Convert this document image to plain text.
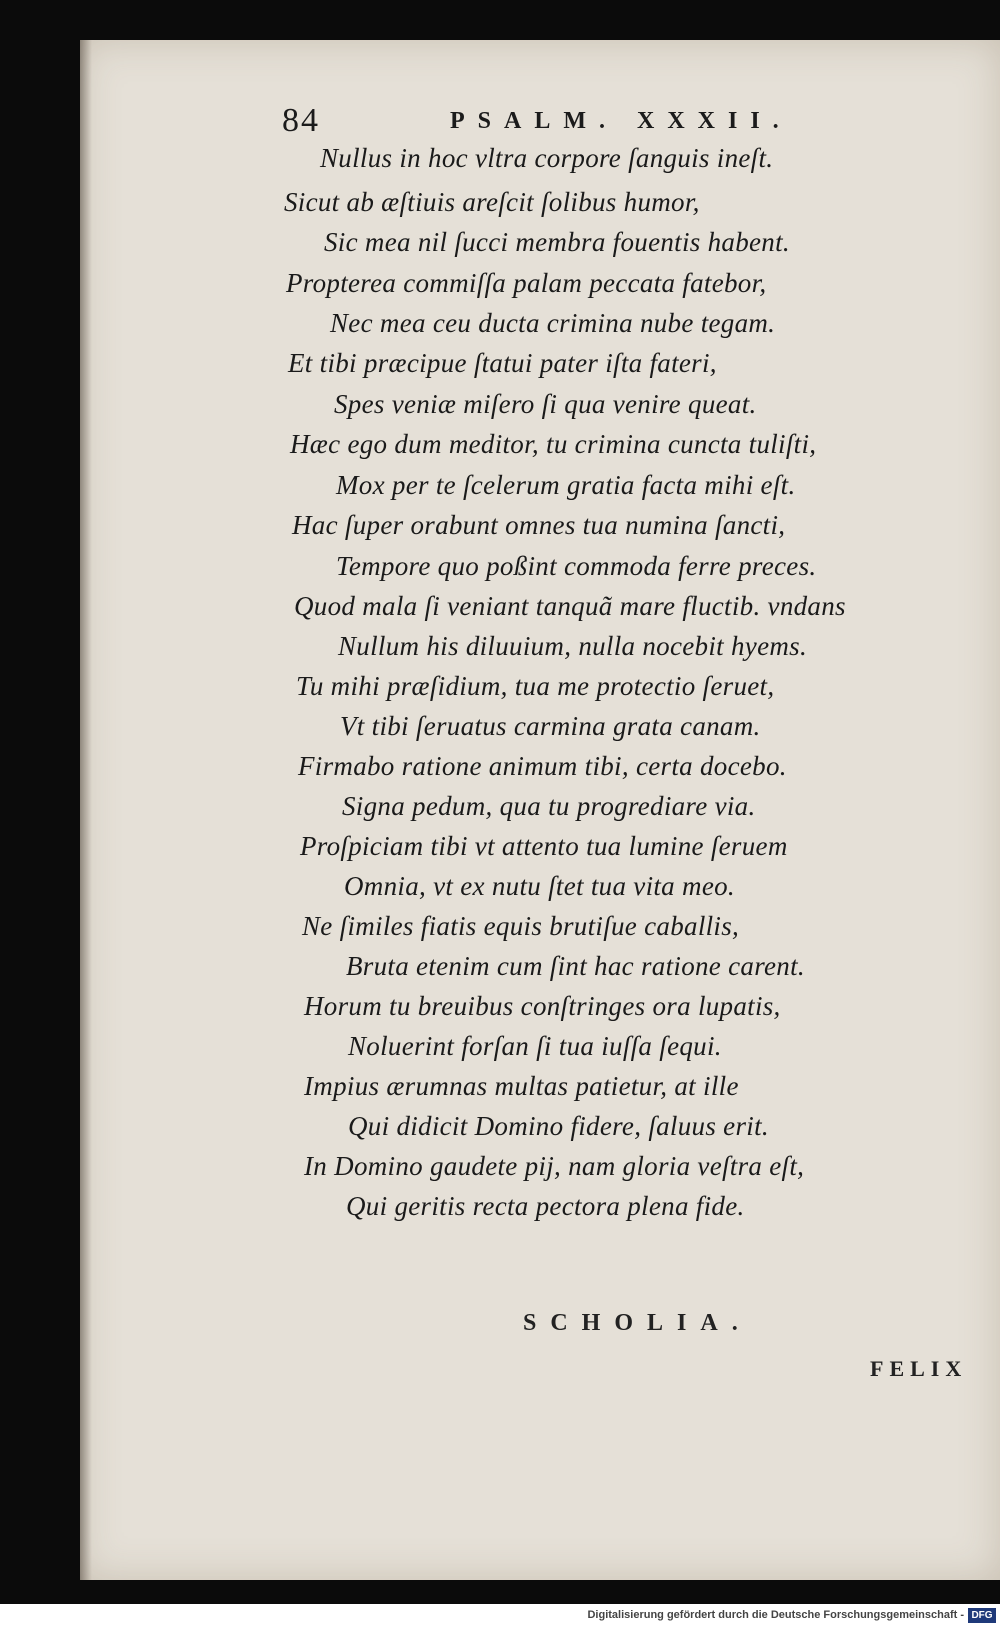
84	PSALM. XXXII.
Nullus in hoc vltra corpore ſanguis ineſt.
Sicut ab æſtiuis areſcit ſolibus humor,
Sic mea nil ſucci membra fouentis habent.
Propterea commiſſa palam peccata fatebor,
Nec mea ceu ducta crimina nube tegam.
Et tibi præcipue ſtatui pater iſta fateri,
Spes veniæ miſero ſi qua venire queat.
Hæc ego dum meditor, tu crimina cuncta tuliſti,
Mox per te ſcelerum gratia facta mihi eſt.
Hac ſuper orabunt omnes tua numina ſancti,
Tempore quo poßint commoda ferre preces.
Quod mala ſi veniant tanquã mare fluctib. vndans
Nullum his diluuium, nulla nocebit hyems.
Tu mihi præſidium, tua me protectio ſeruet,
Vt tibi ſeruatus carmina grata canam.
Firmabo ratione animum tibi, certa docebo.
Signa pedum, qua tu progrediare via.
Proſpiciam tibi vt attento tua lumine ſeruem
Omnia, vt ex nutu ſtet tua vita meo.
Ne ſimiles fiatis equis brutiſue caballis,
Bruta etenim cum ſint hac ratione carent.
Horum tu breuibus conſtringes ora lupatis,
Noluerint forſan ſi tua iuſſa ſequi.
Impius ærumnas multas patietur, at ille
Qui didicit Domino fidere, ſaluus erit.
In Domino gaudete pij, nam gloria veſtra eſt,
Qui geritis recta pectora plena fide.
SCHOLIA.
FELIX
Digitalisierung gefördert durch die Deutsche Forschungsgemeinschaft - DFG
